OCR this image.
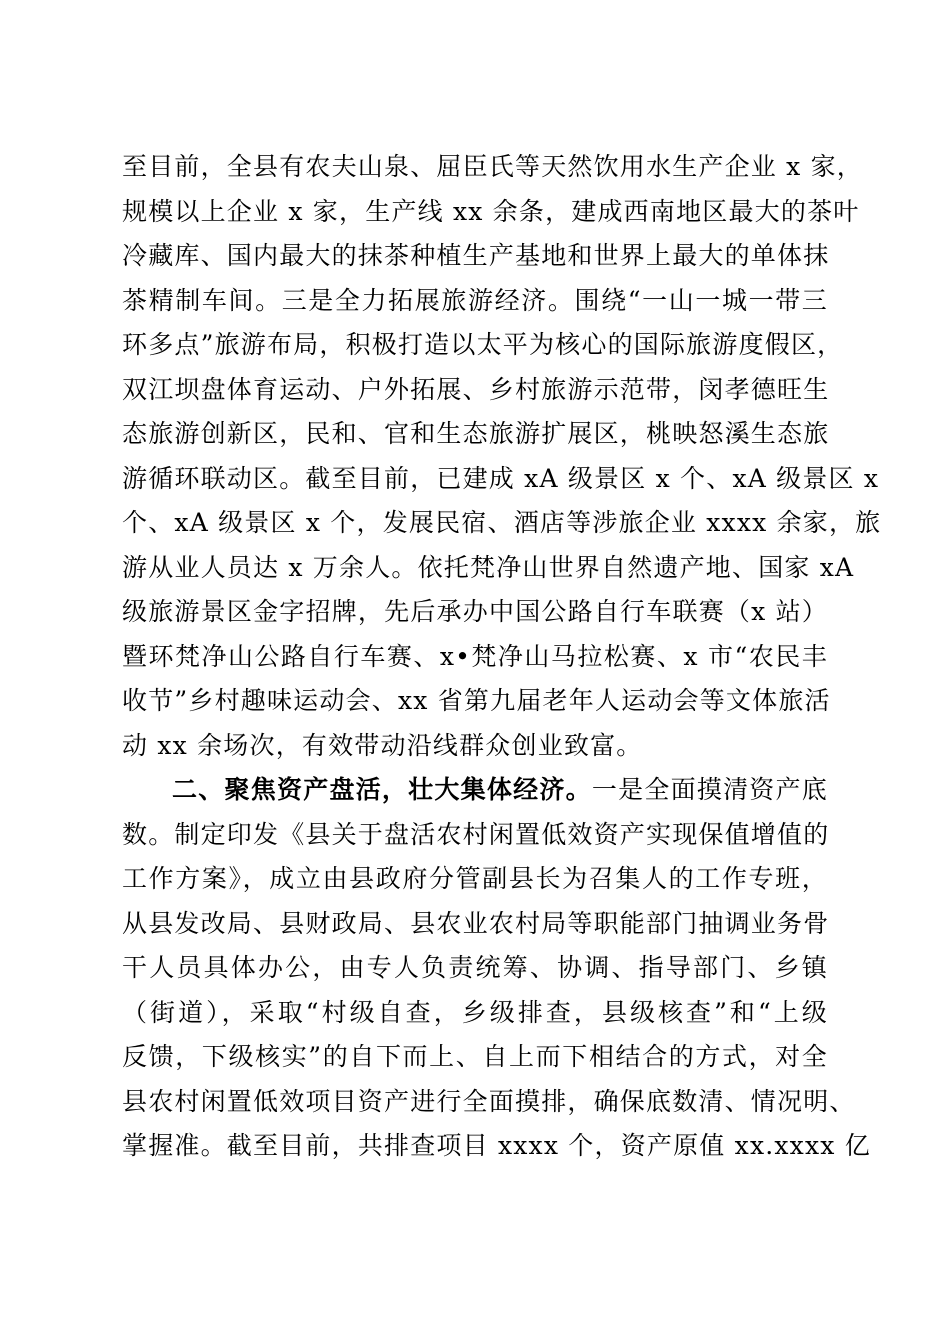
至目前，全县有农夫山泉、屈臣氏等天然饮用水生产企业 x 家，
规模以上企业 x 家，生产线 xx 余条，建成西南地区最大的茶叶
冷藏库、国内最大的抹茶种植生产基地和世界上最大的单体抹
茶精制车间。三是全力拓展旅游经济。围绕“一山一城一带三
环多点”旅游布局，积极打造以太平为核心的国际旅游度假区，
双江坝盘体育运动、户外拓展、乡村旅游示范带，闵孝德旺生
态旅游创新区，民和、官和生态旅游扩展区，桃映怒溪生态旅
游循环联动区。截至目前，已建成 xA 级景区 x 个、xA 级景区 x
个、xA 级景区 x 个，发展民宿、酒店等涉旅企业 xxxx 余家，旅
游从业人员达 x 万余人。依托梵净山世界自然遗产地、国家 xA
级旅游景区金字招牌，先后承办中国公路自行车联赛（x 站）
暨环梵净山公路自行车赛、x•梵净山马拉松赛、x 市“农民丰
收节”乡村趣味运动会、xx 省第九届老年人运动会等文体旅活
动 xx 余场次，有效带动沿线群众创业致富。
二、聚焦资产盘活，壮大集体经济。一是全面摸清资产底
数。制定印发《县关于盘活农村闲置低效资产实现保值增值的
工作方案》，成立由县政府分管副县长为召集人的工作专班，
从县发改局、县财政局、县农业农村局等职能部门抽调业务骨
干人员具体办公，由专人负责统筹、协调、指导部门、乡镇
（街道），采取“村级自查，乡级排查，县级核查”和“上级
反馈，下级核实”的自下而上、自上而下相结合的方式，对全
县农村闲置低效项目资产进行全面摸排，确保底数清、情况明、
掌握准。截至目前，共排查项目 xxxx 个，资产原值 xx.xxxx 亿
